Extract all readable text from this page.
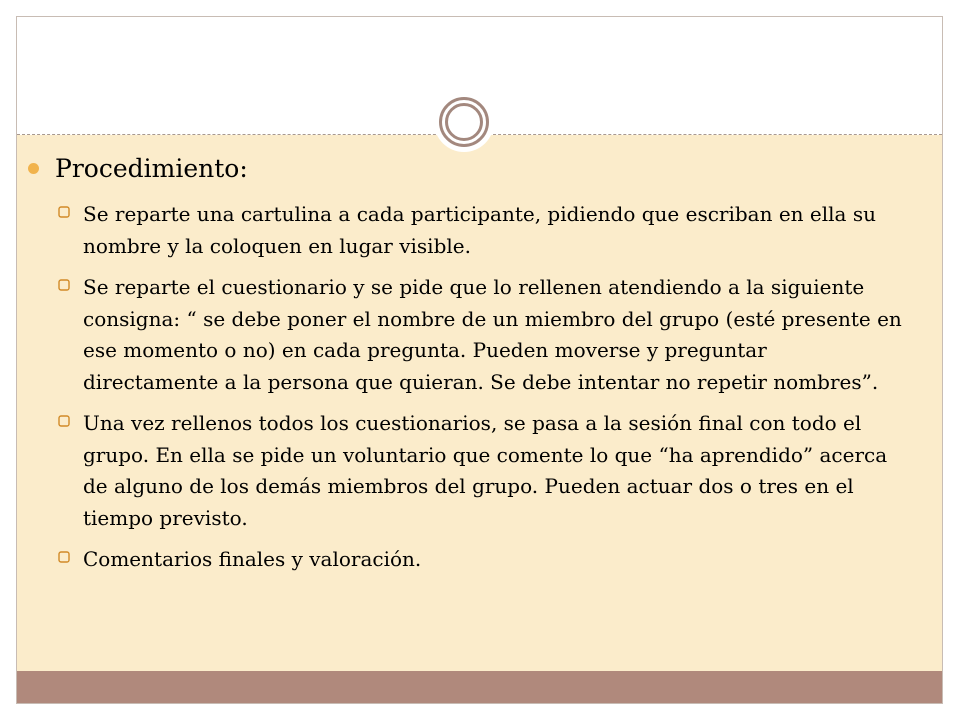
Procedimiento:

Se reparte una cartulina a cada participante, pidiendo que escriban en ella su nombre y la coloquen en lugar visible.

Se reparte el cuestionario y se pide que lo rellenen atendiendo a la siguiente consigna: “ se debe poner el nombre de un miembro del grupo (esté presente en ese momento o no) en cada pregunta. Pueden moverse y preguntar directamente a la persona que quieran. Se debe intentar no repetir nombres”.

Una vez rellenos todos los cuestionarios, se pasa a la sesión final con todo el grupo. En ella se pide un voluntario que comente lo que “ha aprendido” acerca de alguno de los demás miembros del grupo. Pueden actuar dos o tres en el tiempo previsto.

Comentarios finales y valoración.
